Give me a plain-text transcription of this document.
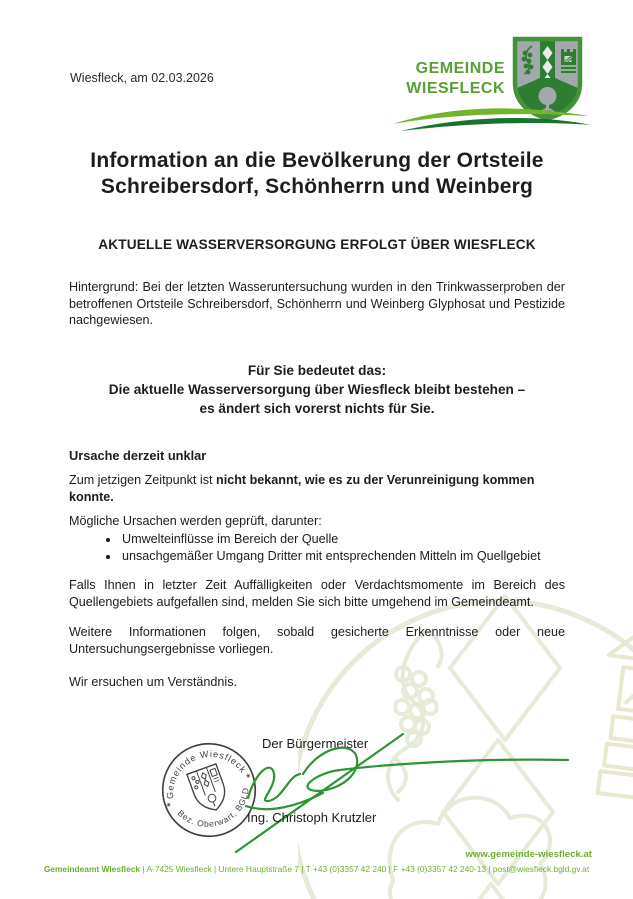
Wiesfleck, am 02.03.2026
GEMEINDE
WIESFLECK
Information an die Bevölkerung der Ortsteile
Schreibersdorf, Schönherrn und Weinberg
AKTUELLE WASSERVERSORGUNG ERFOLGT ÜBER WIESFLECK

Hintergrund: Bei der letzten Wasseruntersuchung wurden in den Trinkwasserproben der betroffenen Ortsteile Schreibersdorf, Schönherrn und Weinberg Glyphosat und Pestizide nachgewiesen.

Für Sie bedeutet das:
Die aktuelle Wasserversorgung über Wiesfleck bleibt bestehen –
es ändert sich vorerst nichts für Sie.
Ursache derzeit unklar

Zum jetzigen Zeitpunkt ist nicht bekannt, wie es zu der Verunreinigung kommen konnte.

Mögliche Ursachen werden geprüft, darunter:

• Umwelteinflüsse im Bereich der Quelle
• unsachgemäßer Umgang Dritter mit entsprechenden Mitteln im Quellgebiet

Falls Ihnen in letzter Zeit Auffälligkeiten oder Verdachtsmomente im Bereich des Quellengebiets aufgefallen sind, melden Sie sich bitte umgehend im Gemeindeamt.

Weitere Informationen folgen, sobald gesicherte Erkenntnisse oder neue Untersuchungsergebnisse vorliegen.

Wir ersuchen um Verständnis.

Gemeinde Wiesfleck
Bez. Oberwart, BGLD
✶
✶
Der Bürgermeister
Ing. Christoph Krutzler
www.gemeinde-wiesfleck.at
Gemeindeamt Wiesfleck | A-7425 Wiesfleck | Untere Hauptstraße 7 | T +43 (0)3357 42 240 | F +43 (0)3357 42 240-13 | post@wiesfleck.bgld.gv.at
